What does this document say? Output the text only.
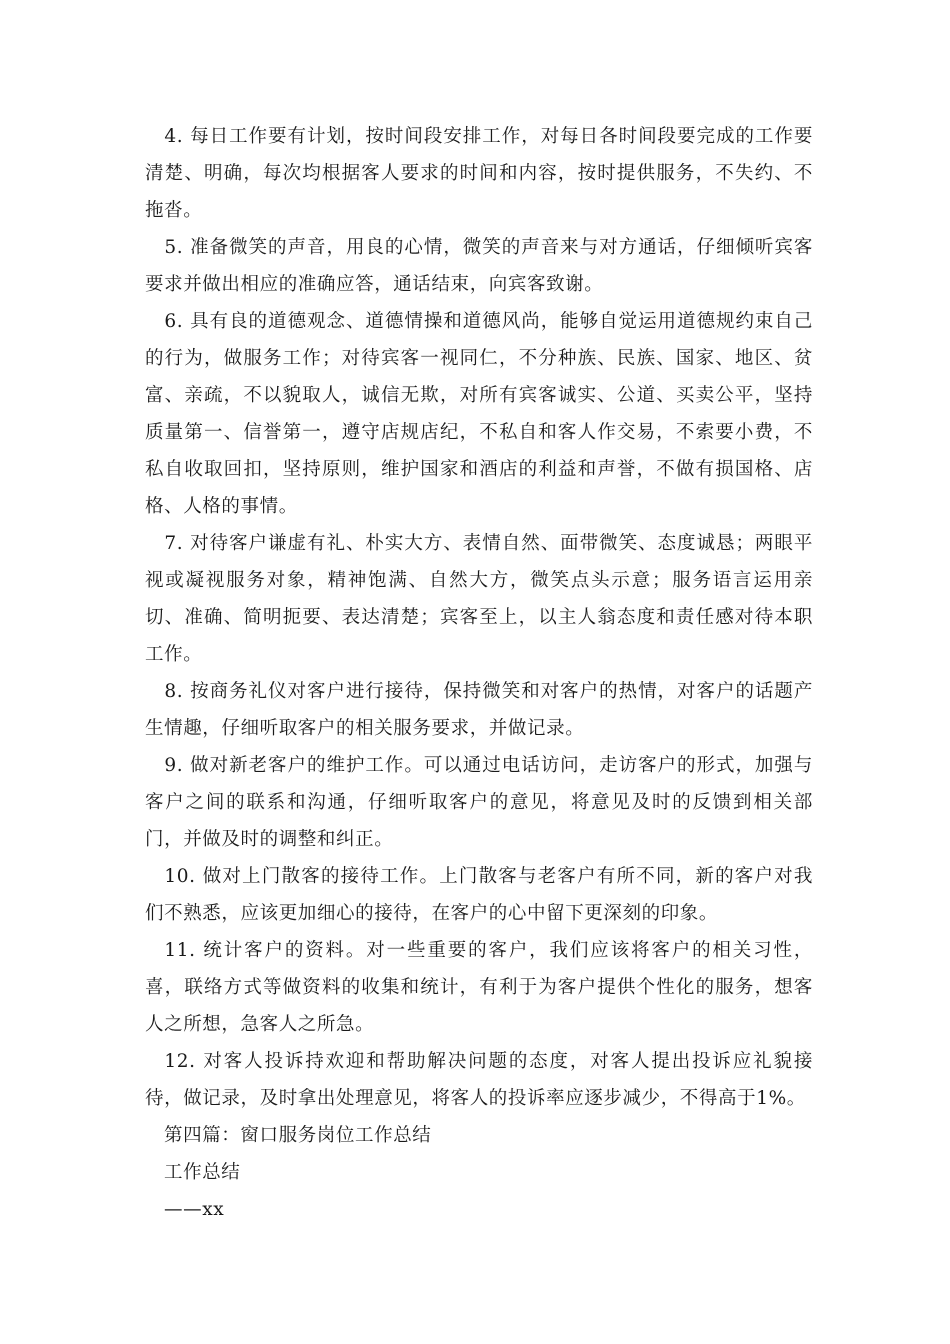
4. 每日工作要有计划，按时间段安排工作，对每日各时间段要完成的工作要清楚、明确，每次均根据客人要求的时间和内容，按时提供服务，不失约、不拖沓。

5. 准备微笑的声音，用良的心情，微笑的声音来与对方通话，仔细倾听宾客要求并做出相应的准确应答，通话结束，向宾客致谢。

6. 具有良的道德观念、道德情操和道德风尚，能够自觉运用道德规约束自己的行为，做服务工作；对待宾客一视同仁，不分种族、民族、国家、地区、贫富、亲疏，不以貌取人，诚信无欺，对所有宾客诚实、公道、买卖公平，坚持质量第一、信誉第一，遵守店规店纪，不私自和客人作交易，不索要小费，不私自收取回扣，坚持原则，维护国家和酒店的利益和声誉，不做有损国格、店格、人格的事情。

7. 对待客户谦虚有礼、朴实大方、表情自然、面带微笑、态度诚恳；两眼平视或凝视服务对象，精神饱满、自然大方，微笑点头示意；服务语言运用亲切、准确、简明扼要、表达清楚；宾客至上，以主人翁态度和责任感对待本职工作。

8. 按商务礼仪对客户进行接待，保持微笑和对客户的热情，对客户的话题产生情趣，仔细听取客户的相关服务要求，并做记录。

9. 做对新老客户的维护工作。可以通过电话访问，走访客户的形式，加强与客户之间的联系和沟通，仔细听取客户的意见，将意见及时的反馈到相关部门，并做及时的调整和纠正。

10. 做对上门散客的接待工作。上门散客与老客户有所不同，新的客户对我们不熟悉，应该更加细心的接待，在客户的心中留下更深刻的印象。

11. 统计客户的资料。对一些重要的客户，我们应该将客户的相关习性，喜，联络方式等做资料的收集和统计，有利于为客户提供个性化的服务，想客人之所想，急客人之所急。

12. 对客人投诉持欢迎和帮助解决问题的态度，对客人提出投诉应礼貌接待，做记录，及时拿出处理意见，将客人的投诉率应逐步减少，不得高于1%。

第四篇：窗口服务岗位工作总结

工作总结

——xx
